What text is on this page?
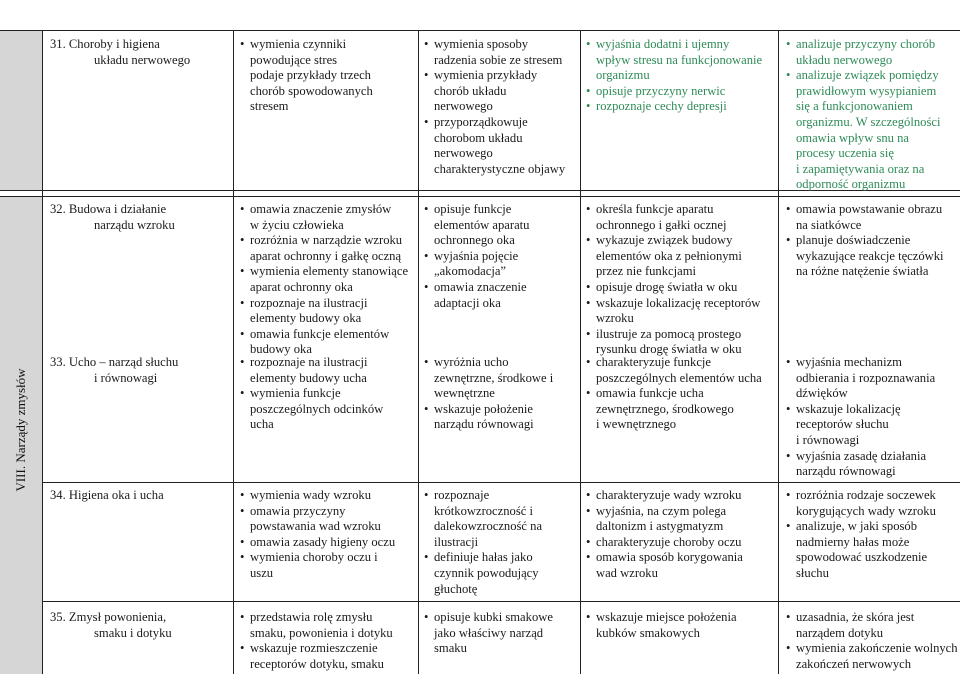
VIII. Narządy zmysłów
31. Choroby i higiena
układu nerwowego
• wymienia czynniki
powodujące stres
podaje przykłady trzech
chorób spowodowanych
stresem
• wymienia sposoby
radzenia sobie ze stresem
• wymienia przykłady
chorób układu
nerwowego
• przyporządkowuje
chorobom układu
nerwowego
charakterystyczne objawy
• wyjaśnia dodatni i ujemny
wpływ stresu na funkcjonowanie
organizmu
• opisuje przyczyny nerwic
• rozpoznaje cechy depresji
• analizuje przyczyny chorób
układu nerwowego
• analizuje związek pomiędzy
prawidłowym wysypianiem
się a funkcjonowaniem
organizmu. W szczególności
omawia wpływ snu na
procesy uczenia się
i zapamiętywania oraz na
odporność organizmu
32. Budowa i działanie
narządu wzroku
• omawia znaczenie zmysłów
w życiu człowieka
• rozróżnia w narządzie wzroku
aparat ochronny i gałkę oczną
• wymienia elementy stanowiące
aparat ochronny oka
• rozpoznaje na ilustracji
elementy budowy oka
• omawia funkcje elementów
budowy oka
• opisuje funkcje
elementów aparatu
ochronnego oka
• wyjaśnia pojęcie
„akomodacja”
• omawia znaczenie
adaptacji oka
• określa funkcje aparatu
ochronnego i gałki ocznej
• wykazuje związek budowy
elementów oka z pełnionymi
przez nie funkcjami
• opisuje drogę światła w oku
• wskazuje lokalizację receptorów
wzroku
• ilustruje za pomocą prostego
rysunku drogę światła w oku
• omawia powstawanie obrazu
na siatkówce
• planuje doświadczenie
wykazujące reakcje tęczówki
na różne natężenie światła
33. Ucho – narząd słuchu
i równowagi
• rozpoznaje na ilustracji
elementy budowy ucha
• wymienia funkcje
poszczególnych odcinków
ucha
• wyróżnia ucho
zewnętrzne, środkowe i
wewnętrzne
• wskazuje położenie
narządu równowagi
• charakteryzuje funkcje
poszczególnych elementów ucha
• omawia funkcje ucha
zewnętrznego, środkowego
i wewnętrznego
• wyjaśnia mechanizm
odbierania i rozpoznawania
dźwięków
• wskazuje lokalizację
receptorów słuchu
i równowagi
• wyjaśnia zasadę działania
narządu równowagi
34. Higiena oka i ucha
•	wymienia wady wzroku
• omawia przyczyny
powstawania wad wzroku
• omawia zasady higieny oczu
• wymienia choroby oczu i
uszu
• rozpoznaje
krótkowzroczność i
dalekowzroczność na
ilustracji
• definiuje hałas jako
czynnik powodujący
głuchotę
• charakteryzuje wady wzroku
• wyjaśnia, na czym polega
daltonizm i astygmatyzm
• charakteryzuje choroby oczu
• omawia sposób korygowania
wad wzroku
• rozróżnia rodzaje soczewek
korygujących wady wzroku
• analizuje, w jaki sposób
nadmierny hałas może
spowodować uszkodzenie
słuchu
35. Zmysł powonienia,
smaku i dotyku
• przedstawia rolę zmysłu
smaku, powonienia i dotyku
• wskazuje rozmieszczenie
receptorów dotyku, smaku
• opisuje kubki smakowe
jako właściwy narząd
smaku
• wskazuje miejsce położenia
kubków smakowych
• uzasadnia, że skóra jest
narządem dotyku
• wymienia zakończenie wolnych
zakończeń nerwowych
